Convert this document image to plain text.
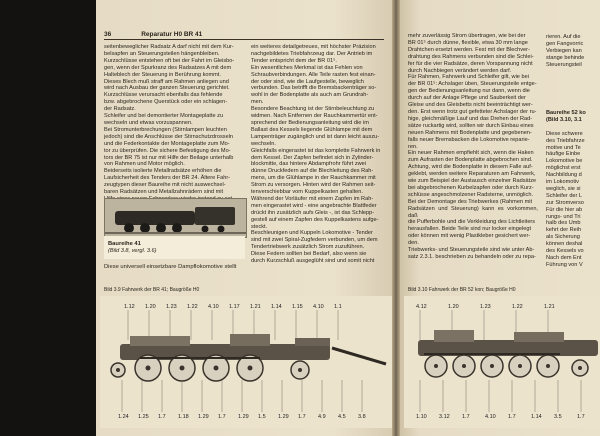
36	Reparatur H0 BR 41

seitenbeweglicher Radsatz A darf nicht mit dem Kur-

belsapfen an Steuerungsteilen hängenbleiben.

Kurzschlüsse entstehen oft bei der Fahrt im Gleisbo-

gen, wenn der Spurkranz des Radsatzes A mit dem

Halteblech der Steuerung in Berührung kommt.

Dieses Blech muß straff am Rahmen anliegen und

wird nach Ausbau der ganzen Steuerung gerichtet.

Kurzschlüsse verursacht ebenfalls das fehlende

bzw. abgebrochene Querstück oder ein schlagen-

der Radsatz.

Schleifer und bei demontierter Montageplatte zu

wechseln und etwas vorzuspannen.

Bei Stromunterbrechungen (Stirnlampen leuchten

jedoch) sind die Anschlüsse der Stirnschutzdrosseln

und die Federkontakte der Montageplatte zum Mo-

tor zu überprüfen. Die sichere Befestigung des Mo-

tors der BR 75 ist nur mit Hilfe der Beilage unterhalb

von Rahmen und Motor möglich.

Beiderseits isolierte Metallradsätze erhöhen die

Laufsicherheit des Tenders der BR 24. Ältere Fahr-

zeugtypen dieser Baureihe mit nicht auswechsel-

baren Radsätzen und Metallzahnrädern sind mit

Baureihe 41
(Bild 3.8, vergl. 3.6)
Diese universell einsetzbare Dampflokomotive stellt

ein weiteres detailgetreues, mit höchster Präzision

nachgebildetes Triebfahrzeug dar. Der Antrieb im

Tender entspricht dem der BR 01⁵.

Ein wesentliches Merkmal ist das Fehlen von

Schraubverbindungen. Alle Teile rasten fest einan-

der oder sind, wie die Laufgestelle, beweglich

verbunden. Das betrifft die Bremsbackenträger so-

wohl in der Bodenplatte als auch am Grundrah-

men.

Besondere Beachtung ist der Stirnbeleuchtung zu

widmen. Nach Entfernen der Rauchkammertür ent-

sprechend der Bedienungsanleitung wird die im

Ballast des Kessels liegende Glühlampe mit dem

Lampenträger zugänglich und ist dann leicht auszu-

wechseln.

Gleichfalls eingerastet ist das komplette Fahrwerk in

dem Kessel. Der Zapfen befindet sich in Zylinder-

blockmitte, das hintere Abdampfrohr führt zwei

dünne Druckfedern auf die Blechleitung des Rah-

mens, um die Glühlampe in der Rauchkammer mit

Strom zu versorgen. Hinten wird der Rahmen seit-

tenverschiebbar vom Kuppelkasten gehalten.

Während der Vorläufer mit einem Zapfen im Rah-

men eingerastet wird - eine angebrachte Blattfeder

drückt ihn zusätzlich aufs Gleis -, ist das Schlepp-

gestell auf einem Zapfen des Kuppelkastens aufge-

steckt.

Beschleunigen und Kuppeln Lokomotive - Tender

sind mit zwei Spiral-Zugfedern verbunden, um dem

Tendertriebwerk zusätzlich Strom zuzuführen.

Diese Federn sollten bei Bedarf, also wenn sie

durch Kurzschluß ausgeglüht sind und somit nicht

Bild 3.9 Fahrwerk der BR 41; Baugröße H0
1.12 1.20 1.23 1.22 4.10 1.17 1.21 1.14 1.15 4.10 1.1
1.24 1.25 1.7 1.18 1.29 1.7 1.29 1.5 1.29 1.7 4.9 4.5 3.8

mehr zuverlässig Strom übertragen, wie bei der

BR 01⁵ durch dünne, flexible, etwa 30 mm lange

Drahtchen ersetzt werden. Fest mit der Blechver-

drahtung des Rahmens verbunden sind die Schlei-

fer für die vier Radsätze, deren Vorspannung nicht

durch Nachbiegen verändert werden darf.

Für Rahmen, Fahrwerk und Schleifer gilt, wie bei

der BR 01⁵: Achslager üben, Steuerungsteile entge-

gen der Bedienungsanleitung nur dann, wenn die

durch auf der Anlage Pflege und Sauberkeit der

Gleise und des Gleisbetts nicht beeinträchtigt wer-

den. Erst wenn trotz gut gefetteter Achslager der ru-

hige, gleichmäßige Lauf und das Drehen der Rad-

sätze ruckartig wird, sollten wir durch Einbau eines

neuen Rahmens mit Bodenplatte und gegebenen-

falls neuer Bremsbacken die Lokomotive reparie-

ren.

Ein neuer Rahmen empfiehlt sich, wenn die Haken

zum Aufrasten der Bodenplatte abgebrochen sind.

Achtung, wird die Bodenplatte in diesem Falle auf-

geklebt, werden weitere Reparaturen am Fahrwerk,

wie zum Beispiel der Austausch einzelner Radsätze

bei abgebrochenen Kurbelzapfen oder durch Kurz-

schlüsse angeschmolzener Radsterne, unmöglich.

Bei der Demontage des Triebwerkes (Rahmen mit

Radsätzen und Steuerung) kann es vorkommen, daß

die Pufferbohle und die Verkleidung des Lichtleiters

herausfallen. Beide Teile sind nur locker eingelegt

oder können mit wenig Plastkleber gesichert wer-

den.

Triebwerks- und Steuerungsteile sind wie unter Ab-

satz 2.3.1. beschrieben zu behandeln oder zu repa-

rieren. Auf die

gen Fangvorric

Verbiegen kan

stange behinde

Steuerungsteil

Baureihe 52 ko

(Bild 3.10, 3.1

Diese schwere

des Triebfahrze

motive und Te

häufige Einbe

Lokomotive be

möglichst erst

Nachbildung d

im Lokomotiv

weglich, sie si

Schleifer der L

zur Stromverso

Für die hier ab

rungs- und Tri

halb des Umb

kehrt der Reih

als Sicherung

können deshal

des Kessels vo

Nach dem Ent

Führung von V

Bild 3.10 Fahrwerk der BR 52 kon; Baugröße H0
4.12	1.20	1.23	1.22	1.21
1.10 3.12 1.7	4.10 1.7	1.14 3.5	1.7
